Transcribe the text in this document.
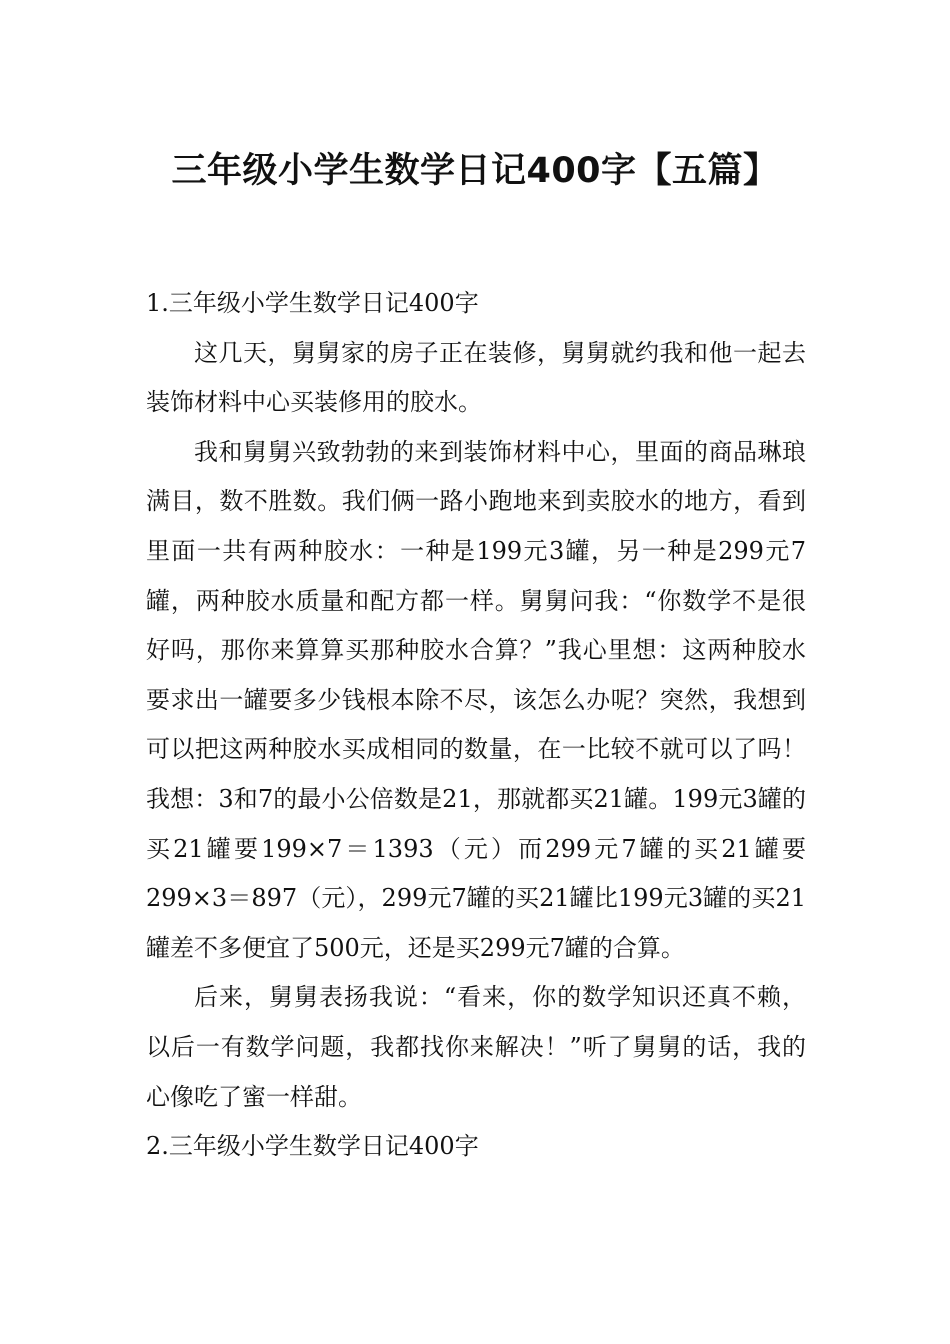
三年级小学生数学日记400字【五篇】
1.三年级小学生数学日记400字

这几天，舅舅家的房子正在装修，舅舅就约我和他一起去装饰材料中心买装修用的胶水。

我和舅舅兴致勃勃的来到装饰材料中心，里面的商品琳琅满目，数不胜数。我们俩一路小跑地来到卖胶水的地方，看到里面一共有两种胶水：一种是199元3罐，另一种是299元7罐，两种胶水质量和配方都一样。舅舅问我：“你数学不是很好吗，那你来算算买那种胶水合算？”我心里想：这两种胶水要求出一罐要多少钱根本除不尽，该怎么办呢？突然，我想到可以把这两种胶水买成相同的数量，在一比较不就可以了吗！我想：3和7的最小公倍数是21，那就都买21罐。199元3罐的买21罐要199×7＝1393（元）而299元7罐的买21罐要299×3＝897（元），299元7罐的买21罐比199元3罐的买21罐差不多便宜了500元，还是买299元7罐的合算。

后来，舅舅表扬我说：“看来，你的数学知识还真不赖，以后一有数学问题，我都找你来解决！”听了舅舅的话，我的心像吃了蜜一样甜。

2.三年级小学生数学日记400字
